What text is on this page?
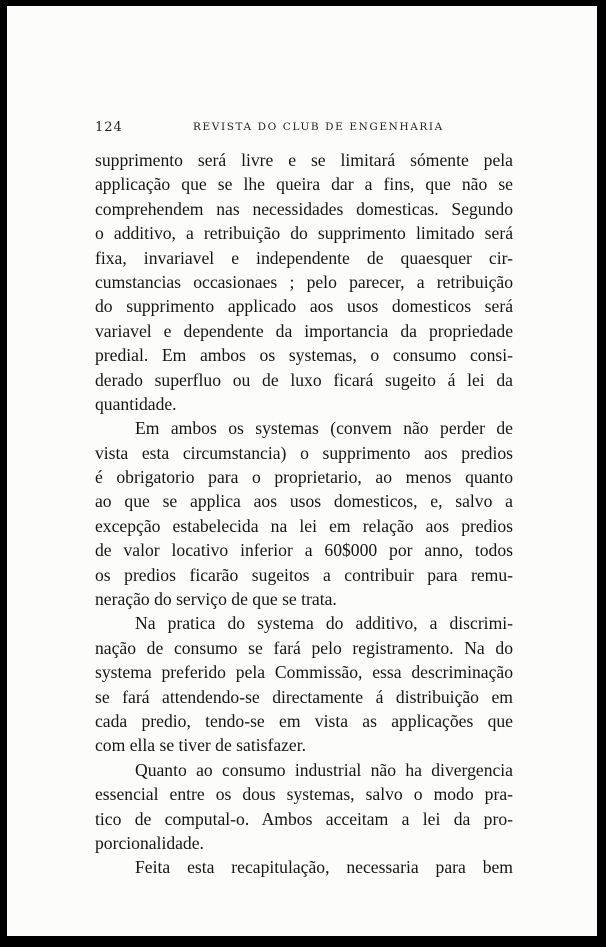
124	REVISTA DO CLUB DE ENGENHARIA
supprimento será livre e se limitará sómente pela
applicação que se lhe queira dar a fins, que não se
comprehendem nas necessidades domesticas. Segundo
o additivo, a retribuição do supprimento limitado será
fixa, invariavel e independente de quaesquer cir-
cumstancias occasionaes ; pelo parecer, a retribuição
do supprimento applicado aos usos domesticos será
variavel e dependente da importancia da propriedade
predial. Em ambos os systemas, o consumo consi-
derado superfluo ou de luxo ficará sugeito á lei da
quantidade.
Em ambos os systemas (convem não perder de
vista esta circumstancia) o supprimento aos predios
é obrigatorio para o proprietario, ao menos quanto
ao que se applica aos usos domesticos, e, salvo a
excepção estabelecida na lei em relação aos predios
de valor locativo inferior a 60$000 por anno, todos
os predios ficarão sugeitos a contribuir para remu-
neração do serviço de que se trata.
Na pratica do systema do additivo, a discrimi-
nação de consumo se fará pelo registramento. Na do
systema preferido pela Commissão, essa descriminação
se fará attendendo-se directamente á distribuição em
cada predio, tendo-se em vista as applicações que
com ella se tiver de satisfazer.
Quanto ao consumo industrial não ha divergencia
essencial entre os dous systemas, salvo o modo pra-
tico de computal-o. Ambos acceitam a lei da pro-
porcionalidade.
Feita esta recapitulação, necessaria para bem
